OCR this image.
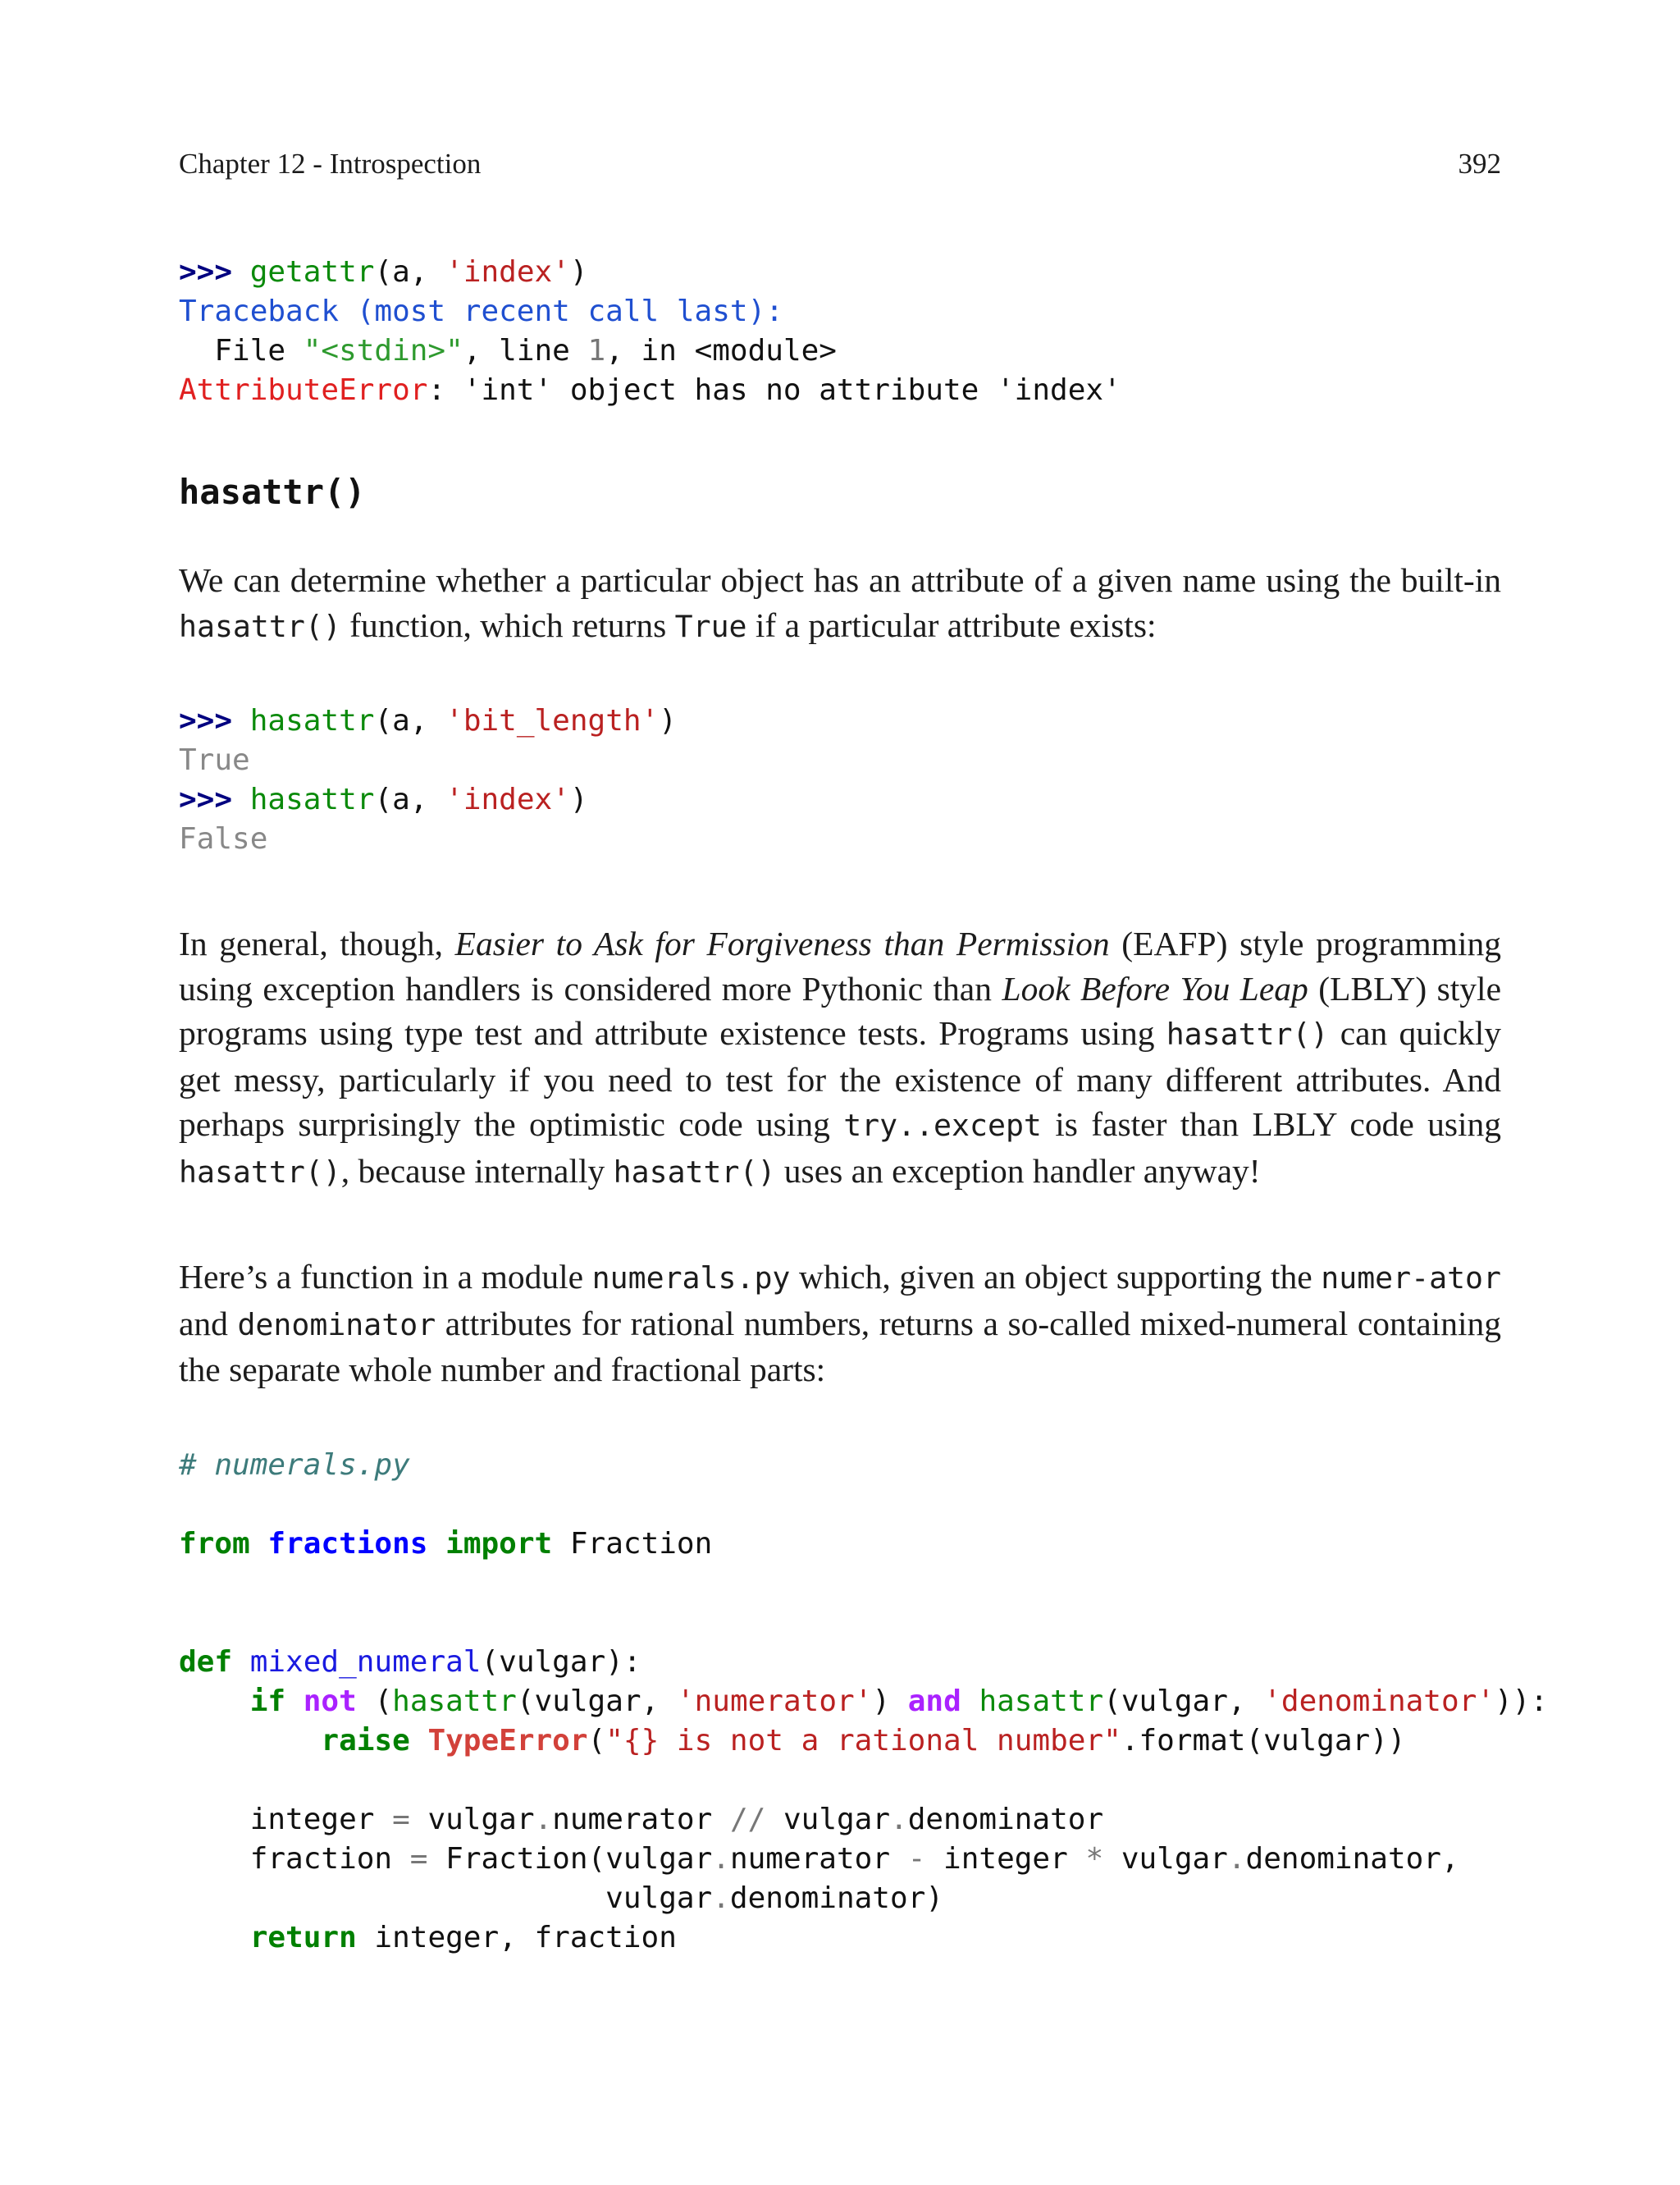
Chapter 12 - Introspection	392
>>> getattr(a, 'index')
Traceback (most recent call last):
File "<stdin>", line 1, in <module>
AttributeError: 'int' object has no attribute 'index'
hasattr()

We can determine whether a particular object has an attribute of a given name using the built-in hasattr() function, which returns True if a particular attribute exists:

>>> hasattr(a, 'bit_length')
True
>>> hasattr(a, 'index')
False

In general, though, Easier to Ask for Forgiveness than Permission (EAFP) style programming using exception handlers is considered more Pythonic than Look Before You Leap (LBLY) style programs using type test and attribute existence tests. Programs using hasattr() can quickly get messy, particularly if you need to test for the existence of many different attributes. And perhaps surprisingly the optimistic code using try..except is faster than LBLY code using hasattr(), because internally hasattr() uses an exception handler anyway!

Here’s a function in a module numerals.py which, given an object supporting the numer-ator and denominator attributes for rational numbers, returns a so-called mixed-numeral containing the separate whole number and fractional parts:

# numerals.py
from fractions import Fraction
def mixed_numeral(vulgar):
if not (hasattr(vulgar, 'numerator') and hasattr(vulgar, 'denominator')):
raise TypeError("{} is not a rational number".format(vulgar))
integer = vulgar.numerator // vulgar.denominator
fraction = Fraction(vulgar.numerator - integer * vulgar.denominator,
vulgar.denominator)
return integer, fraction
